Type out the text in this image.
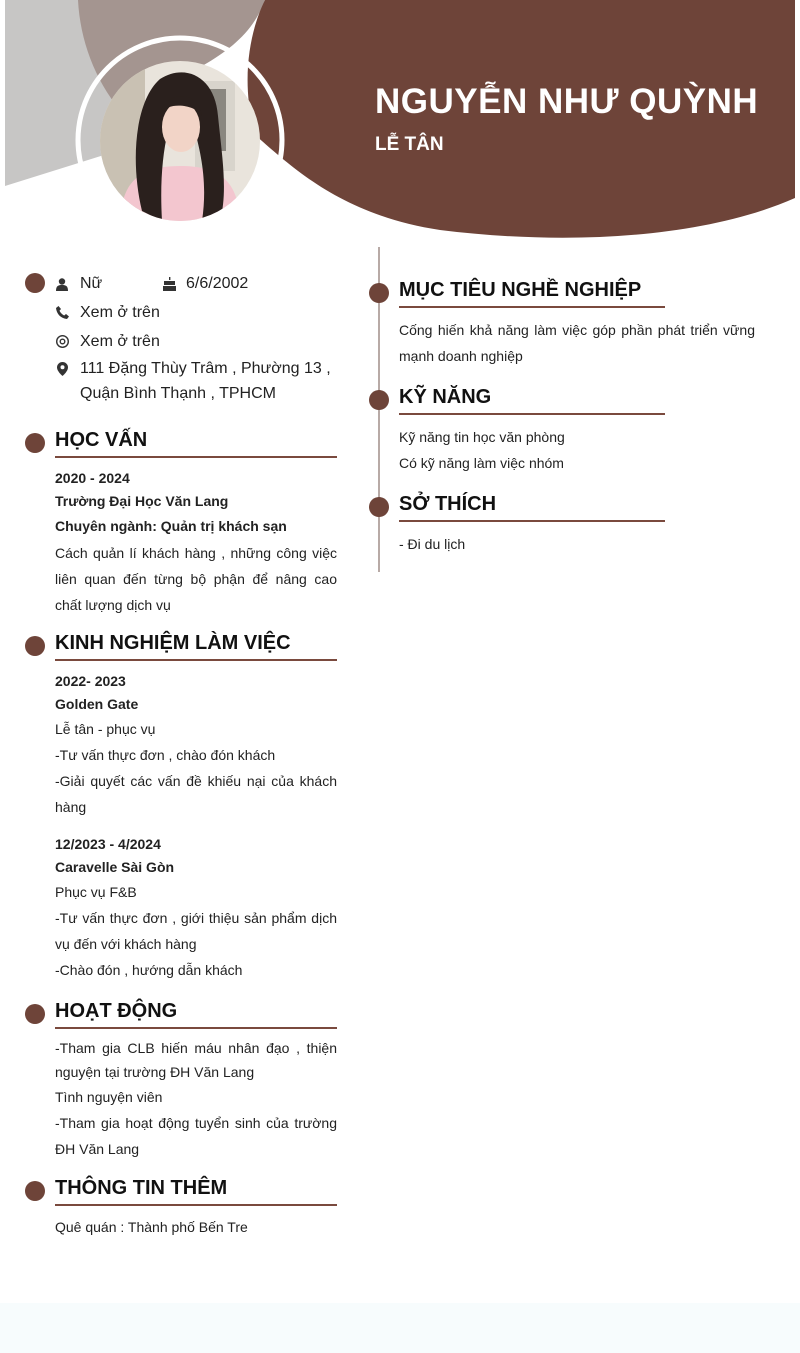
NGUYỄN NHƯ QUỲNH
LỄ TÂN
Nữ	6/6/2002
Xem ở trên
Xem ở trên
111 Đặng Thùy Trâm , Phường 13 ,
Quận Bình Thạnh , TPHCM
HỌC VẤN
2020 - 2024
Trường Đại Học Văn Lang
Chuyên ngành: Quản trị khách sạn
Cách quản lí khách hàng , những công việc liên quan đến từng bộ phận để nâng cao chất lượng dịch vụ
KINH NGHIỆM LÀM VIỆC
2022- 2023
Golden Gate
Lễ tân - phục vụ
-Tư vấn thực đơn , chào đón khách
-Giải quyết các vấn đề khiếu nại của khách hàng
12/2023 - 4/2024
Caravelle Sài Gòn
Phục vụ F&B
-Tư vấn thực đơn , giới thiệu sản phẩm dịch vụ đến với khách hàng
-Chào đón , hướng dẫn khách
HOẠT ĐỘNG
-Tham gia CLB hiến máu nhân đạo , thiện nguyện tại trường ĐH Văn Lang
Tình nguyện viên
-Tham gia hoạt động tuyển sinh của trường ĐH Văn Lang
THÔNG TIN THÊM
Quê quán : Thành phố Bến Tre
MỤC TIÊU NGHỀ NGHIỆP
Cống hiến khả năng làm việc góp phần phát triển vững mạnh doanh nghiệp
KỸ NĂNG
Kỹ năng tin học văn phòng
Có kỹ năng làm việc nhóm
SỞ THÍCH
- Đi du lịch
